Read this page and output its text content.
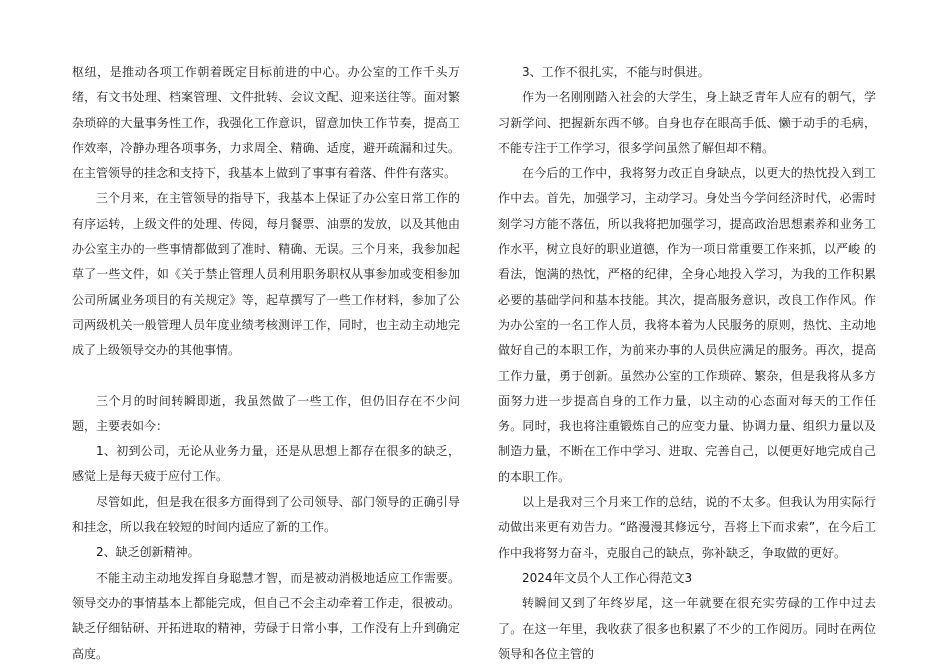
枢纽，是推动各项工作朝着既定目标前进的中心。办公室的工作千头万绪，有文书处理、档案管理、文件批转、会议文配、迎来送往等。面对繁杂琐碎的大量事务性工作，我强化工作意识，留意加快工作节奏，提高工作效率，冷静办理各项事务，力求周全、精确、适度，避开疏漏和过失。在主管领导的挂念和支持下，我基本上做到了事事有着落、件件有落实。

三个月来，在主管领导的指导下，我基本上保证了办公室日常工作的有序运转，上级文件的处理、传阅，每月餐票、油票的发放，以及其他由办公室主办的一些事情都做到了准时、精确、无误。三个月来，我参加起草了一些文件，如《关于禁止管理人员利用职务职权从事参加或变相参加公司所属业务项目的有关规定》等，起草撰写了一些工作材料，参加了公司两级机关一般管理人员年度业绩考核测评工作，同时，也主动主动地完成了上级领导交办的其他事情。

三个月的时间转瞬即逝，我虽然做了一些工作，但仍旧存在不少问题，主要表如今：

1、初到公司，无论从业务力量，还是从思想上都存在很多的缺乏，感觉上是每天疲于应付工作。

尽管如此，但是我在很多方面得到了公司领导、部门领导的正确引导和挂念，所以我在较短的时间内适应了新的工作。

2、缺乏创新精神。

不能主动主动地发挥自身聪慧才智，而是被动消极地适应工作需要。领导交办的事情基本上都能完成，但自己不会主动牵着工作走，很被动。缺乏仔细钻研、开拓进取的精神，劳碌于日常小事，工作没有上升到确定高度。

3、工作不很扎实，不能与时俱进。

作为一名刚刚踏入社会的大学生，身上缺乏青年人应有的朝气，学习新学问、把握新东西不够。自身也存在眼高手低、懒于动手的毛病，不能专注于工作学习，很多学问虽然了解但却不精。

在今后的工作中，我将努力改正自身缺点，以更大的热忱投入到工作中去。首先，加强学习，主动学习。身处当今学问经济时代，必需时刻学习方能不落伍，所以我将把加强学习，提高政治思想素养和业务工作水平，树立良好的职业道德，作为一项日常重要工作来抓，以严峻 的看法，饱满的热忱，严格的纪律，全身心地投入学习，为我的工作积累必要的基础学问和基本技能。其次，提高服务意识，改良工作作风。作为办公室的一名工作人员，我将本着为人民服务的原则，热忱、主动地做好自己的本职工作，为前来办事的人员供应满足的服务。再次，提高工作力量，勇于创新。虽然办公室的工作琐碎、繁杂，但是我将从多方面努力进一步提高自身的工作力量，以主动的心态面对每天的工作任务。同时，我也将注重锻炼自己的应变力量、协调力量、组织力量以及制造力量，不断在工作中学习、进取、完善自己，以便更好地完成自己的本职工作。

以上是我对三个月来工作的总结，说的不太多。但我认为用实际行动做出来更有劝告力。“路漫漫其修远兮，吾将上下而求索”，在今后工作中我将努力奋斗，克服自己的缺点，弥补缺乏，争取做的更好。

2024年文员个人工作心得范文3

转瞬间又到了年终岁尾，这一年就要在很充实劳碌的工作中过去了。在这一年里，我收获了很多也积累了不少的工作阅历。同时在两位领导和各位主管的
